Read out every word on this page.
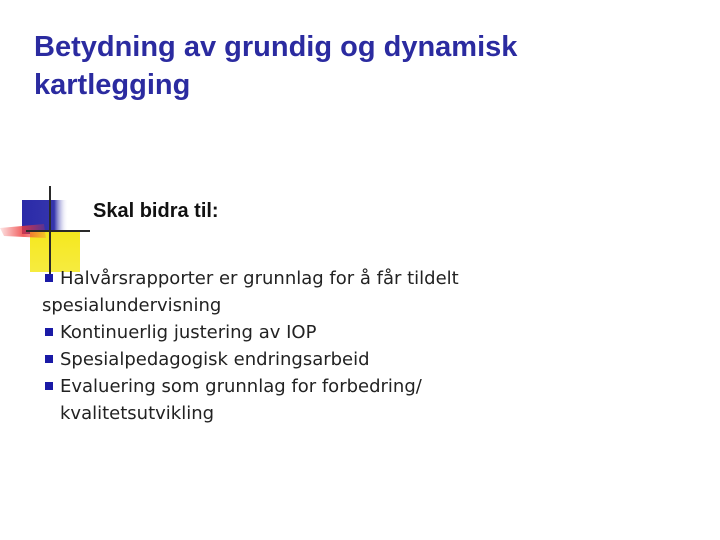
Betydning av grundig og dynamisk kartlegging

Skal bidra til:

Halvårsrapporter er grunnlag for å får tildelt
spesialundervisning
Kontinuerlig justering av IOP
Spesialpedagogisk endringsarbeid
Evaluering som grunnlag for forbedring/
kvalitetsutvikling
